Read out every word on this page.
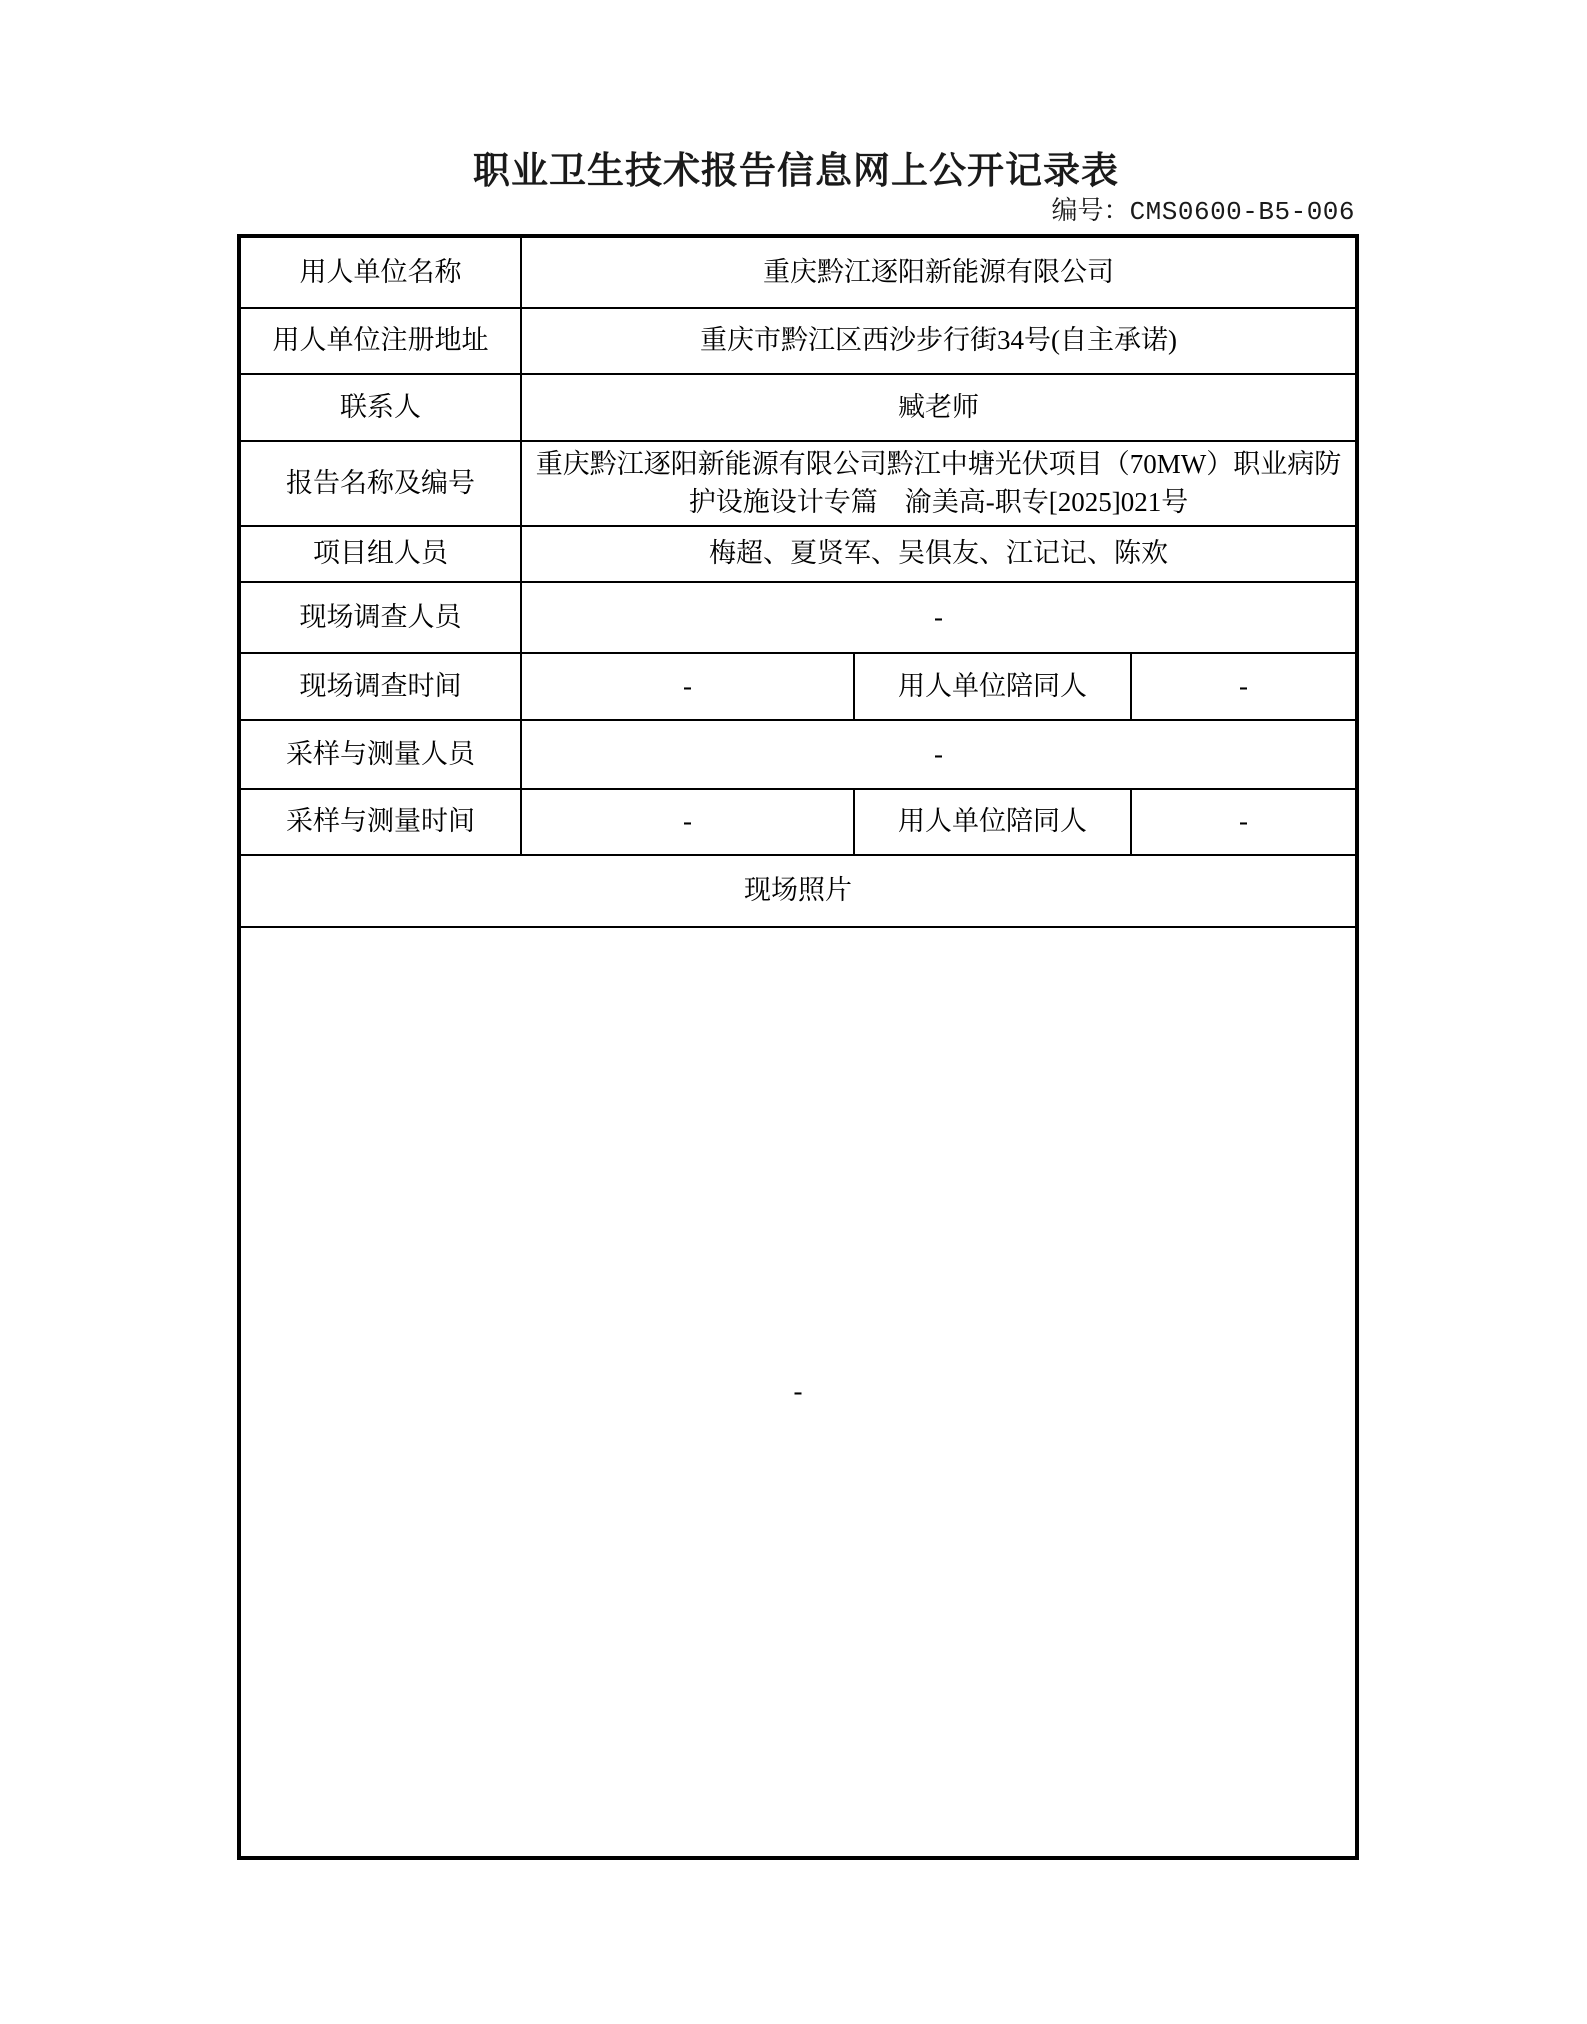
职业卫生技术报告信息网上公开记录表
编号：CMS0600-B5-006
用人单位名称	重庆黔江逐阳新能源有限公司		
用人单位注册地址	重庆市黔江区西沙步行街34号(自主承诺)		
联系人	臧老师		
报告名称及编号	重庆黔江逐阳新能源有限公司黔江中塘光伏项目（70MW）职业病防护设施设计专篇　渝美高-职专[2025]021号		
项目组人员	梅超、夏贤军、吴俱友、江记记、陈欢		
现场调查人员	-		
现场调查时间	-	用人单位陪同人	-
采样与测量人员	-		
采样与测量时间	-	用人单位陪同人	-
现场照片			
-			
